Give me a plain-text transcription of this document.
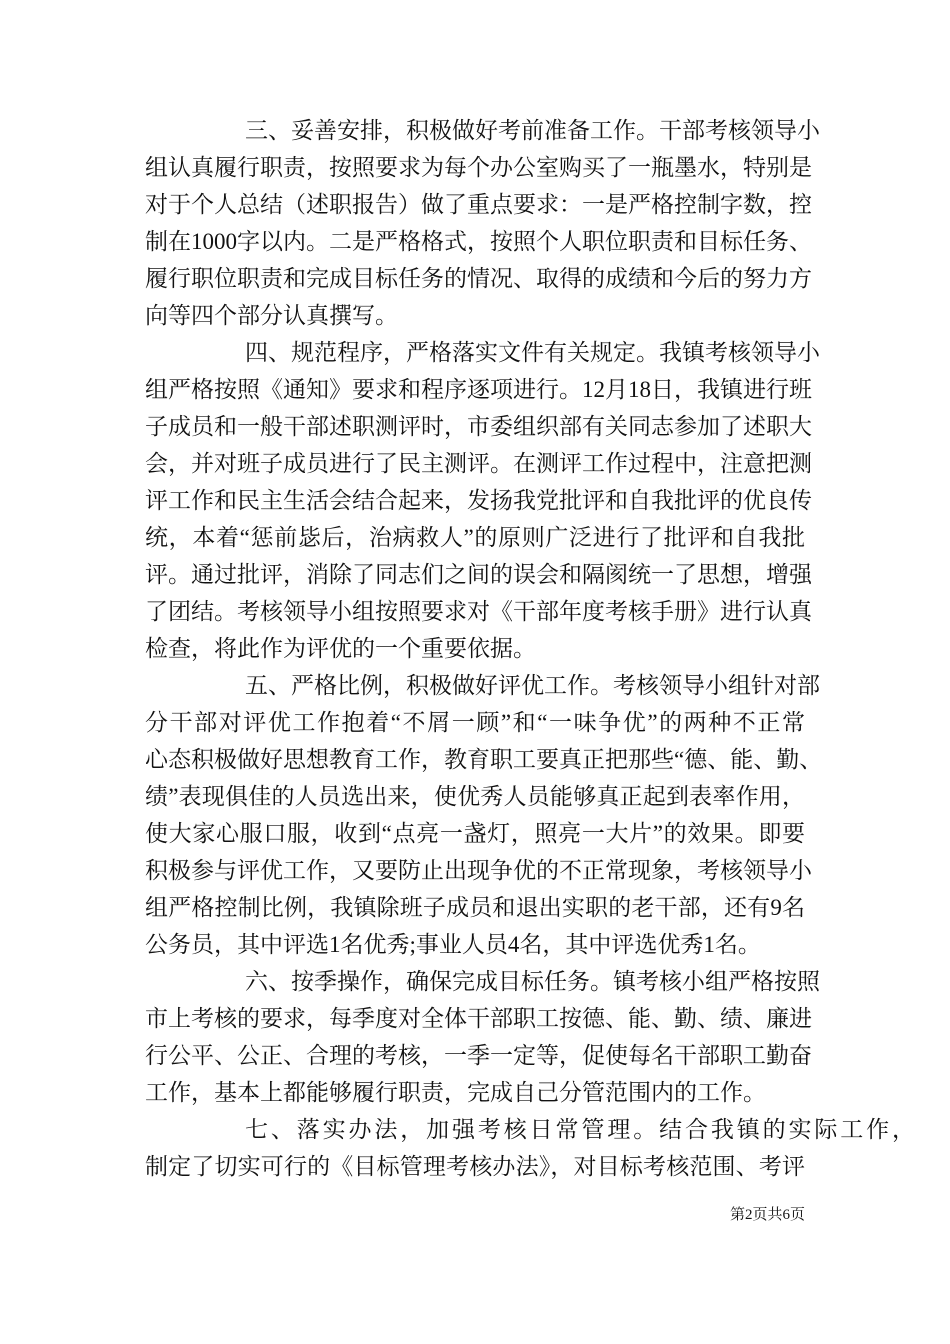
三、妥善安排，积极做好考前准备工作。干部考核领导小
组认真履行职责，按照要求为每个办公室购买了一瓶墨水，特别是
对于个人总结（述职报告）做了重点要求：一是严格控制字数，控
制在1000字以内。二是严格格式，按照个人职位职责和目标任务、
履行职位职责和完成目标任务的情况、取得的成绩和今后的努力方
向等四个部分认真撰写。
四、规范程序，严格落实文件有关规定。我镇考核领导小
组严格按照《通知》要求和程序逐项进行。12月18日，我镇进行班
子成员和一般干部述职测评时，市委组织部有关同志参加了述职大
会，并对班子成员进行了民主测评。在测评工作过程中，注意把测
评工作和民主生活会结合起来，发扬我党批评和自我批评的优良传
统，本着“惩前毖后，治病救人”的原则广泛进行了批评和自我批
评。通过批评，消除了同志们之间的误会和隔阂统一了思想，增强
了团结。考核领导小组按照要求对《干部年度考核手册》进行认真
检查，将此作为评优的一个重要依据。
五、严格比例，积极做好评优工作。考核领导小组针对部
分干部对评优工作抱着“不屑一顾”和“一味争优”的两种不正常
心态积极做好思想教育工作，教育职工要真正把那些“德、能、勤、
绩”表现俱佳的人员选出来，使优秀人员能够真正起到表率作用，
使大家心服口服，收到“点亮一盏灯，照亮一大片”的效果。即要
积极参与评优工作，又要防止出现争优的不正常现象，考核领导小
组严格控制比例，我镇除班子成员和退出实职的老干部，还有9名
公务员，其中评选1名优秀;事业人员4名，其中评选优秀1名。
六、按季操作，确保完成目标任务。镇考核小组严格按照
市上考核的要求，每季度对全体干部职工按德、能、勤、绩、廉进
行公平、公正、合理的考核，一季一定等，促使每名干部职工勤奋
工作，基本上都能够履行职责，完成自己分管范围内的工作。
七、落实办法，加强考核日常管理。结合我镇的实际工作，
制定了切实可行的《目标管理考核办法》，对目标考核范围、考评
第2页共6页
